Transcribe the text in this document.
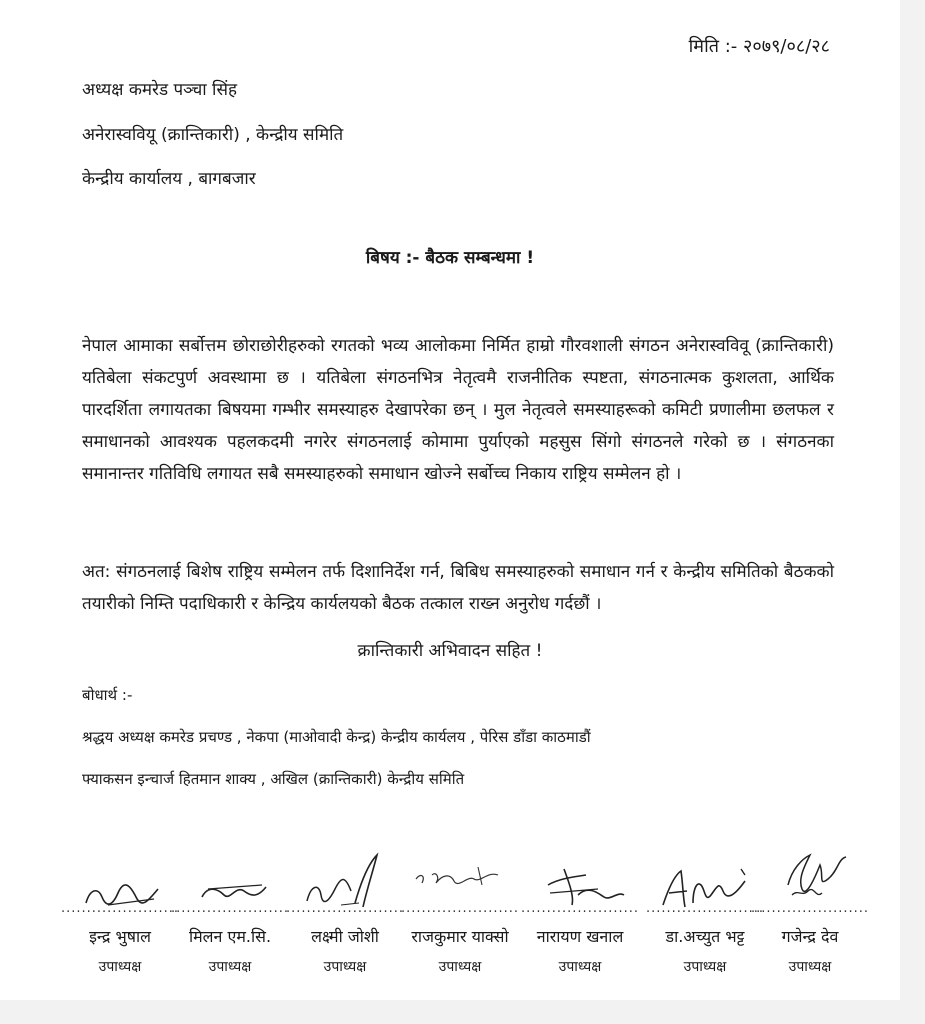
मिति :- २०७९/०८/२८
अध्यक्ष कमरेड पञ्चा सिंह
अनेरास्ववियू (क्रान्तिकारी) , केन्द्रीय समिति
केन्द्रीय कार्यालय , बागबजार
बिषय :- बैठक सम्बन्धमा !

नेपाल आमाका सर्बोत्तम छोराछोरीहरुको रगतको भव्य आलोकमा निर्मित हाम्रो गौरवशाली संगठन अनेरास्वविवू (क्रान्तिकारी) यतिबेला संकटपुर्ण अवस्थामा छ । यतिबेला संगठनभित्र नेतृत्वमै राजनीतिक स्पष्टता, संगठनात्मक कुशलता, आर्थिक पारदर्शिता लगायतका बिषयमा गम्भीर समस्याहरु देखापरेका छन् । मुल नेतृत्वले समस्याहरूको कमिटी प्रणालीमा छलफल र समाधानको आवश्यक पहलकदमी नगरेर संगठनलाई कोमामा पुर्याएको महसुस सिंगो संगठनले गरेको छ । संगठनका समानान्तर गतिविधि लगायत सबै समस्याहरुको समाधान खोज्ने सर्बोच्च निकाय राष्ट्रिय सम्मेलन हो ।

अत: संगठनलाई बिशेष राष्ट्रिय सम्मेलन तर्फ दिशानिर्देश गर्न, बिबिध समस्याहरुको समाधान गर्न र केन्द्रीय समितिको बैठकको तयारीको निम्ति पदाधिकारी र केन्द्रिय कार्यलयको बैठक तत्काल राख्न अनुरोध गर्दछौं ।

क्रान्तिकारी अभिवादन सहित !
बोधार्थ :-
श्रद्धय अध्यक्ष कमरेड प्रचण्ड , नेकपा (माओवादी केन्द्र) केन्द्रीय कार्यलय , पेरिस डाँडा काठमाडौं
फ्याकसन इन्चार्ज हितमान शाक्य , अखिल (क्रान्तिकारी) केन्द्रीय समिति
.......................
इन्द्र भुषाल
उपाध्यक्ष
.......................
मिलन एम.सि.
उपाध्यक्ष
.......................
लक्ष्मी जोशी
उपाध्यक्ष
.......................
राजकुमार याक्सो
उपाध्यक्ष
.......................
नारायण खनाल
उपाध्यक्ष
.......................
डा.अच्युत भट्ट
उपाध्यक्ष
.......................
गजेन्द्र देव
उपाध्यक्ष
